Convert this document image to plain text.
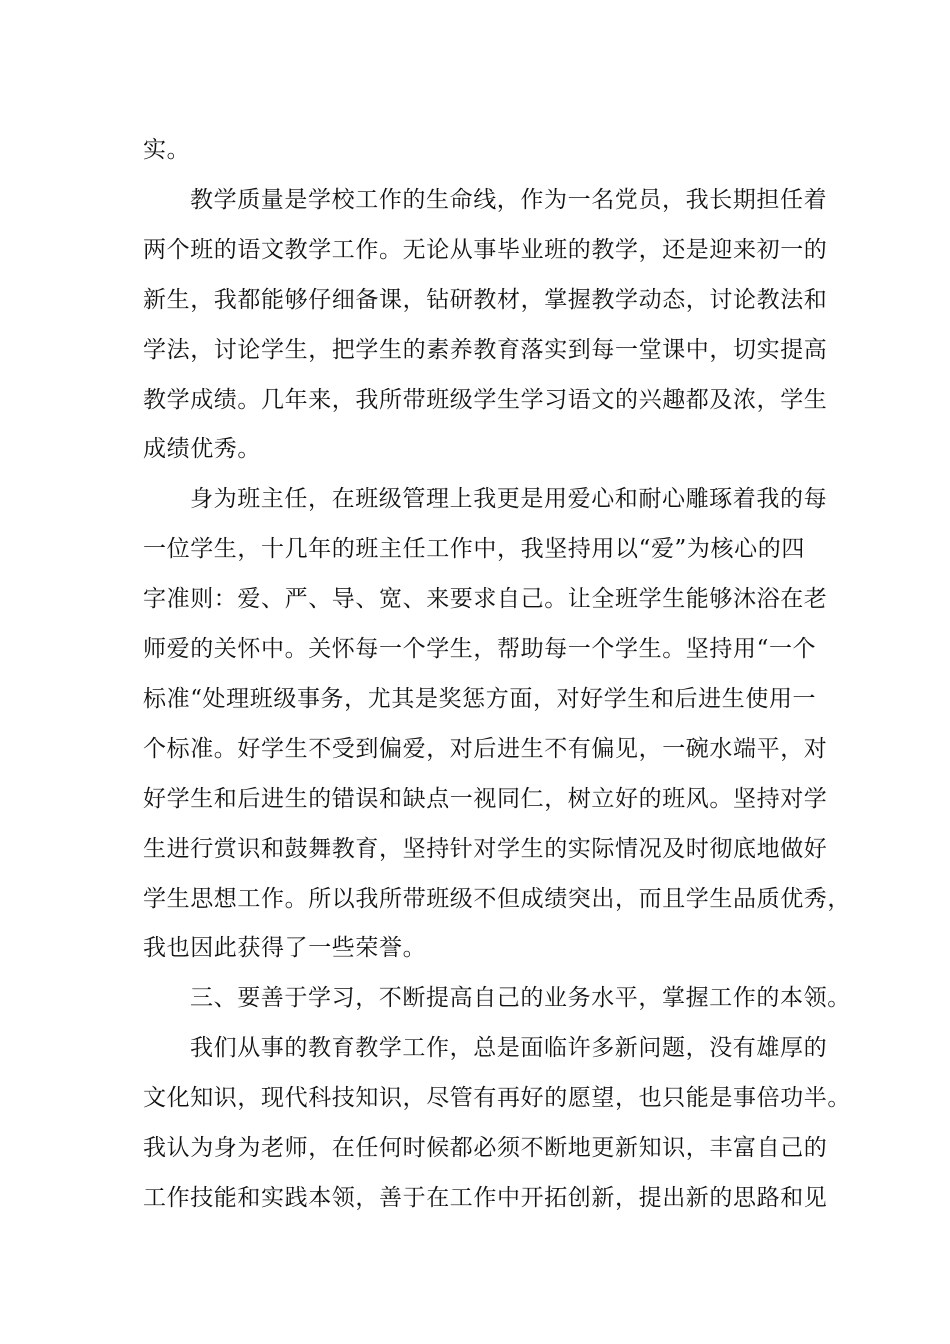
实。
教学质量是学校工作的生命线，作为一名党员，我长期担任着
两个班的语文教学工作。无论从事毕业班的教学，还是迎来初一的
新生，我都能够仔细备课，钻研教材，掌握教学动态，讨论教法和
学法，讨论学生，把学生的素养教育落实到每一堂课中，切实提高
教学成绩。几年来，我所带班级学生学习语文的兴趣都及浓，学生
成绩优秀。
身为班主任，在班级管理上我更是用爱心和耐心雕琢着我的每
一位学生，十几年的班主任工作中，我坚持用以“爱”为核心的四
字准则：爱、严、导、宽、来要求自己。让全班学生能够沐浴在老
师爱的关怀中。关怀每一个学生，帮助每一个学生。坚持用“一个
标准“处理班级事务，尤其是奖惩方面，对好学生和后进生使用一
个标准。好学生不受到偏爱，对后进生不有偏见，一碗水端平，对
好学生和后进生的错误和缺点一视同仁，树立好的班风。坚持对学
生进行赏识和鼓舞教育，坚持针对学生的实际情况及时彻底地做好
学生思想工作。所以我所带班级不但成绩突出，而且学生品质优秀，
我也因此获得了一些荣誉。
三、要善于学习，不断提高自己的业务水平，掌握工作的本领。
我们从事的教育教学工作，总是面临许多新问题，没有雄厚的
文化知识，现代科技知识，尽管有再好的愿望，也只能是事倍功半。
我认为身为老师，在任何时候都必须不断地更新知识，丰富自己的
工作技能和实践本领，善于在工作中开拓创新，提出新的思路和见
